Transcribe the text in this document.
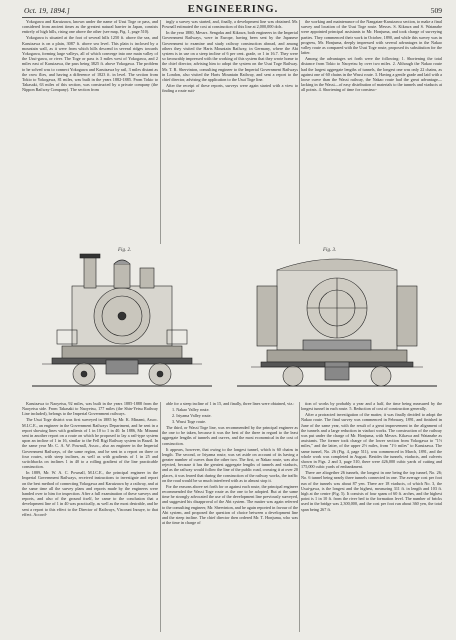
Oct. 19, 1894.]	ENGINEERING.	509

Yokogawa and Karuizawa, known under the name of Usui Toge or pass, and considered from ancient times as the greatest natural barrier in Japan, consists entirely of high hills, rising one above the other (see map, Fig. 1, page 510).

Yokogawa is situated at the foot of several hills 1250 ft. above the sea, and Karuizawa is on a plain, 3087 ft. above sea level. This plain is inclosed by a mountain wall, as it were from which hills descend in several ridges towards Yokogawa, forming large valleys, all of which converge into one main valley of the Usui-gawa, or river. The Toge or pass is 3 miles west of Yokogawa, and 2 miles east of Karuizawa, the pass being 3825 ft. above Yokogawa. The problem to be solved was to connect Yokogawa and Karuizawa by rail, 3 miles distant as the crow flies, and having a difference of 1823 ft. in level. The section from Tokio to Yokogawa, 81 miles, was built in the years 1882-1885. From Tokio to Takasaki, 63 miles of this section, was constructed by a private company (the Nippon Railway Company). The section from

ingly a survey was started, and, finally, a development line was obtained. Mr. Pownall estimated the cost at construction of this line at 2,000,000 dols.

In the year 1880, Messrs. Sengoku and Kikawa, both engineers in the Imperial Government Railways, were in Europe, having been sent by the Japanese Government to examine and study railway construction abroad, and among others they visited the Harts Mountain Railway, in Germany, where the Abt system is in use on a steep incline of 6 per cent. grade, or 1 in 16.7. They were so favourably impressed with the working of this system that they wrote home to the chief director, advising him to adopt the system on the Usui Toge Railway. Mr. T. R. Shervinton, consulting engineer to the Imperial Government Railways in London, also visited the Harts Mountain Railway, and sent a report to the chief director, advising the application to the Usui Toge line.

After the receipt of these reports, surveys were again started with a view to finding a route suit-

the working and maintenance of the Nangatan-Karuizawa section, to make a final survey and location of the Usui Toge route. Messrs. S. Kikawa and S. Watanabe were appointed principal assistants to Mr. Honjuma, and took charge of surveying parties. They commenced their work in October, 1890, and while this survey was in progress, Mr. Honjuma, deeply impressed with several advantages in the Nakao valley route as compared with the Usui Toge route, proposed its substitution for the latter.

Among the advantages set forth were the following: 1. Shortening the total distance from Tokio to Naoyetsu by over two miles. 2. Although the Nakao route had the largest aggregate lengths of tunnels, the longest one was only 22 chains, as against one of 60 chains in the Wassi route. 3. Having a gentle grade and laid with a loose curve than the Wassi railway, the Nakao route had the great advantage—lacking in the Wassi—of easy distribution of materials to the tunnels and viaducts at all points. 4. Shortening of time for construc-

Fig. 2.	Fig. 3.

Karuizawa to Naoyetsu, 92 miles, was built in the years 1885-1888 from the Naoyetsu side. From Takasaki to Naoyetsu, 177 miles (the Shin-Yetsu Railway Line included), belongs to the Imperial Government railways.

The Usui Toge district was first surveyed in 1885 by Mr. K. Minami, Assoc. M.I.C.E., an engineer in the Government Railways Department, and he sent in a report showing lines with gradients of 1 in 10 to 1 in 40. In 1886, Mr. Minami sent in another report on a route on which he proposed to lay a rail-type system upon an incline of 1 in 16, similar to the Fell Rigi Railway system in Brazil. In the same year Mr. C. A. W. Pownall, Assoc., also an engineer in the Imperial Government Railways, of the same region, and he sent in a report on three or four routes, with steep inclines, as well as with gradients of 1 in 25 and switchbacks on inclines 1 in 40 to a rolling gradient of the line practicable construction.

In 1889, Mr. W. A. C. Pownall, M.I.C.E., the principal engineer in the Imperial Government Railways, received instructions to investigate and report on the best method of connecting Yokogawa and Karuizawa by a railway, and at the same time all the survey plans and reports made by the engineers were handed over to him for inspection. After a full examination of these surveys and reports, and also of the ground itself, he came to the conclusion that a development line of 1 in 40 was practically, as well as the most desirable, and he sent a report to this effect to the Director of Railways, Viscount Inouye, to that effect. Accord-

able for a steep incline of 1 in 15, and finally, three lines were obtained, viz.:

1. Nakao Valley route.

2. Iriyama Valley route.

3. Wassi Toge route.

The third, or Wassi Toge line, was recommended by the principal engineer as the one to be taken, because it was the best of the three in regard to the least aggregate lengths of tunnels and curves, and the most economical in the cost of construction.

It appears, however, that owing to the longest tunnel, which is 60 chains in length. The second, or Iriyama route, was set aside on account of its having a greater number of curves than the other two. The first, or Nakao route, was also rejected, because it has the greatest aggregate lengths of tunnels and viaducts, and as the railway would follow the line of the public road, crossing it at over 20 places, it was feared that during the construction of the railway works, the traffic on the road would be so much interfered with as to almost stop it.

For the reasons above set forth for or against each route, the principal engineer recommended the Wassi Toge route as the one to be adopted. But at the same time he strongly advocated the use of the development line previously surveyed, and suggested his disapproval of the Abt system. The matter was again referred to the consulting engineer, Mr. Shervinton, and he again reported in favour of the Abt system, and proposed the question of choice between a development line and the steep incline. The chief director then ordered Mr. T. Honjuma, who was at the time in charge of

tion of works by probably a year and a half, the time being measured by the longest tunnel in each route. 5. Reduction of cost of construction generally.

After a protracted investigation of the matter, it was finally decided to adopt the Nakao route. The final survey was commenced in February, 1891, and finished in June of the same year, with the result of a great improvement in the alignment of the tunnels and a large reduction in viaduct works. The construction of the railway was put under the charge of Mr. Honjuma, with Messrs. Kikawa and Watanabe as assistants. The former took charge of the lower section from Yokogawa to "1½ miles," and the latter, of the upper 2½ miles, from "1½ miles" to Karuizawa. The same tunnel, No. 26 (Fig. 4, page 511), was commenced in March, 1891, and the whole work was completed in August. Besides the tunnels, viaducts, and culverts shown in Figs. 2 and 3, page 510, there were 426,000 cubic yards of cutting and 175,000 cubic yards of embankment.

There are altogether 26 tunnels, the longest in one being the top tunnel, No. 26; No. 6 tunnel being nearly three tunnels connected in one. The average cost per foot run of the tunnels was about 87 yen. There are 18 viaducts, of which No. 3, the Usui-gawa, is the longest and the highest, measuring 311 ft. in length and 103 ft. high at the centre (Fig. 5). It consists of four spans of 60 ft. arches, and the highest point is 1 in 10 ft. from the river bed to the formation level. The number of bricks used in the bridge was 2,300,000, and the cost per foot run about 360 yen, the total span being 267 ft.
